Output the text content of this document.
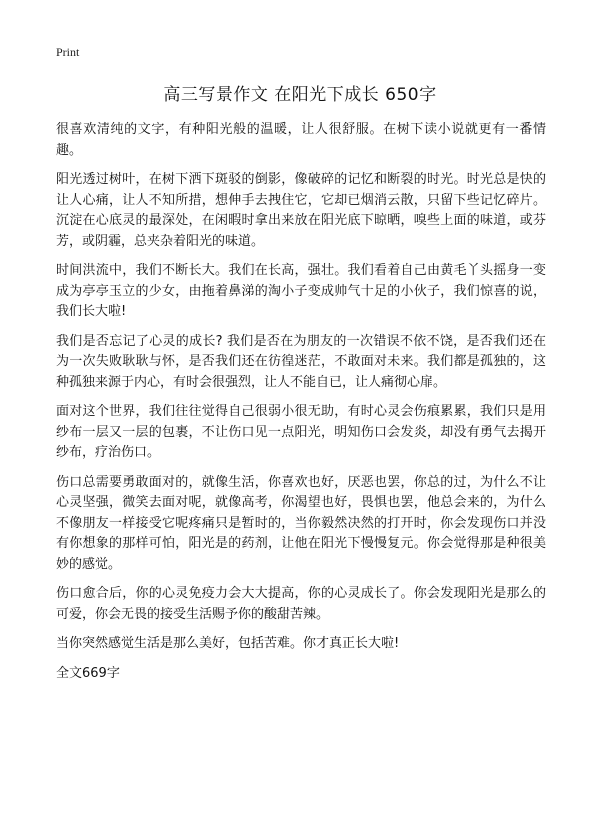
Print
高三写景作文 在阳光下成长 650字

很喜欢清纯的文字，有种阳光般的温暖，让人很舒服。在树下读小说就更有一番情趣。

阳光透过树叶，在树下洒下斑驳的倒影，像破碎的记忆和断裂的时光。时光总是快的让人心痛，让人不知所措，想伸手去拽住它，它却已烟消云散，只留下些记忆碎片。沉淀在心底灵的最深处，在闲暇时拿出来放在阳光底下晾晒，嗅些上面的味道，或芬芳，或阴霾，总夹杂着阳光的味道。

时间洪流中，我们不断长大。我们在长高，强壮。我们看着自己由黄毛丫头摇身一变成为亭亭玉立的少女，由拖着鼻涕的淘小子变成帅气十足的小伙子，我们惊喜的说，我们长大啦!

我们是否忘记了心灵的成长? 我们是否在为朋友的一次错误不依不饶，是否我们还在为一次失败耿耿与怀，是否我们还在彷徨迷茫，不敢面对未来。我们都是孤独的，这种孤独来源于内心，有时会很强烈，让人不能自已，让人痛彻心扉。

面对这个世界，我们往往觉得自己很弱小很无助，有时心灵会伤痕累累，我们只是用纱布一层又一层的包裹，不让伤口见一点阳光，明知伤口会发炎，却没有勇气去揭开纱布，疗治伤口。

伤口总需要勇敢面对的，就像生活，你喜欢也好，厌恶也罢，你总的过，为什么不让心灵坚强，微笑去面对呢，就像高考，你渴望也好，畏惧也罢，他总会来的，为什么不像朋友一样接受它呢疼痛只是暂时的，当你毅然决然的打开时，你会发现伤口并没有你想象的那样可怕，阳光是的药剂，让他在阳光下慢慢复元。你会觉得那是种很美妙的感觉。

伤口愈合后，你的心灵免疫力会大大提高，你的心灵成长了。你会发现阳光是那么的可爱，你会无畏的接受生活赐予你的酸甜苦辣。

当你突然感觉生活是那么美好，包括苦难。你才真正长大啦!

全文669字
